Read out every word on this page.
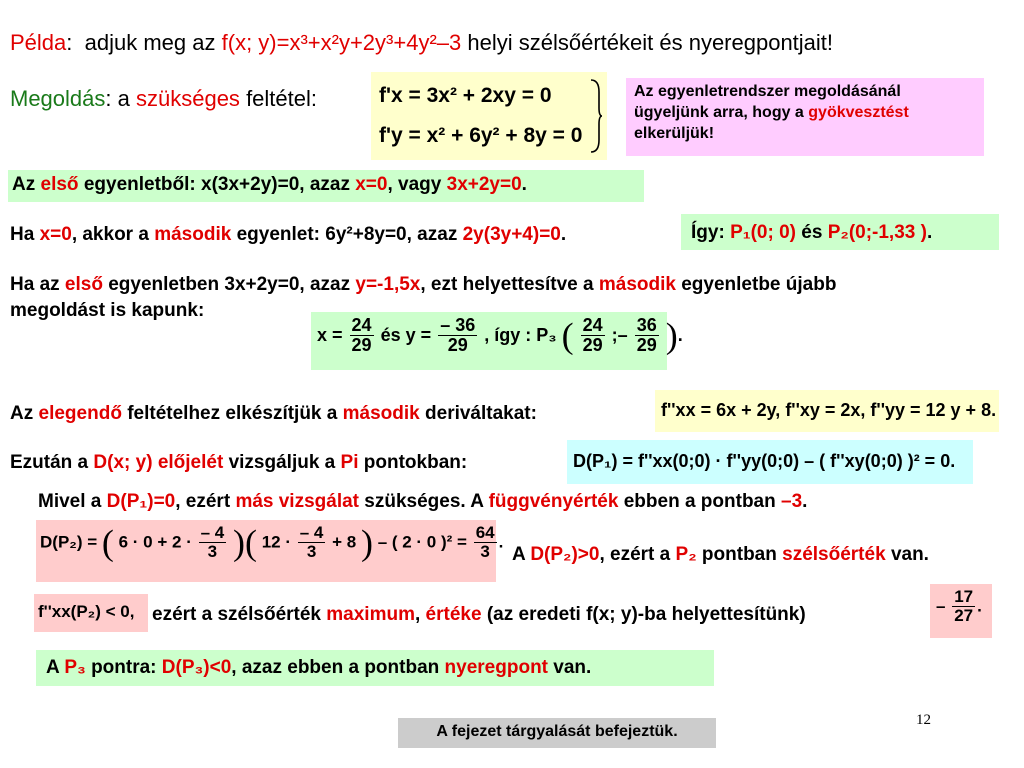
Példa: adjuk meg az f(x; y)=x³+x²y+2y³+4y²–3 helyi szélsőértékeit és nyeregpontjait!
Megoldás: a szükséges feltétel:	f'x = 3x² + 2xy = 0
f'y = x² + 6y² + 8y = 0
Az egyenletrendszer megoldásánál ügyeljünk arra, hogy a gyökvesztést elkerüljük!
Az első egyenletből: x(3x+2y)=0, azaz x=0, vagy 3x+2y=0.
Ha x=0, akkor a második egyenlet: 6y²+8y=0, azaz 2y(3y+4)=0.	Így: P₁(0; 0) és P₂(0;-1,33 ).
Ha az első egyenletben 3x+2y=0, azaz y=-1,5x, ezt helyettesítve a második egyenletbe újabb
megoldást is kapunk:
$x = \frac{24}{29}$ és $y = \frac{- 36}{29}$ , így : P₃ ( $\frac{24}{29}$ ;– $\frac{36}{29}$ ).
Az elegendő feltételhez elkészítjük a második deriváltakat:	f''xx = 6x + 2y, f''xy = 2x, f''yy = 12 y + 8.
Ezután a D(x; y) előjelét vizsgáljuk a Pi pontokban:	D(P₁) = f''xx(0;0) · f''yy(0;0) – ( f''xy(0;0) )² = 0.
Mivel a D(P₁)=0, ezért más vizsgálat szükséges. A függvényérték ebben a pontban –3.
D(P₂) = ( $6 \cdot 0 + 2 \cdot \frac{- 4}{3}$ )( $12 \cdot \frac{- 4}{3} + 8$ ) – ( 2 · 0 )$^2 = \frac{64}{3}$ .
A D(P₂)>0, ezért a P₂ pontban szélsőérték van.
f''xx(P₂) < 0, ezért a szélsőérték maximum, értéke (az eredeti f(x; y)-ba helyettesítünk)	– $\frac{17}{27}$ .
A P₃ pontra: D(P₃)<0, azaz ebben a pontban nyeregpont van.
12
A fejezet tárgyalását befejeztük.
